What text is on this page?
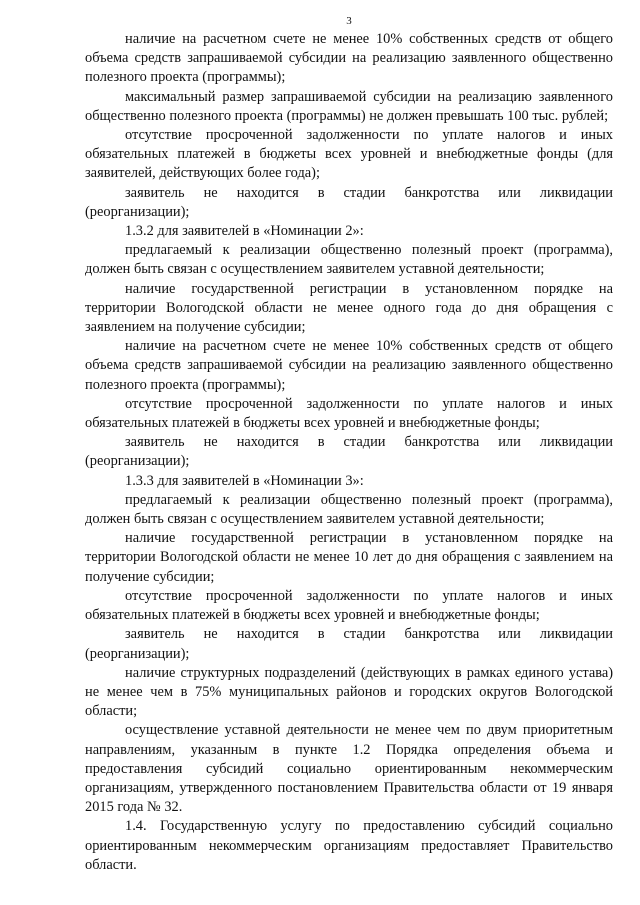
3

наличие на расчетном счете не менее 10% собственных средств от общего объема средств запрашиваемой субсидии на реализацию заявленного общественно полезного проекта (программы);

максимальный размер запрашиваемой субсидии на реализацию заявленного общественно полезного проекта (программы) не должен превышать 100 тыс. рублей;

отсутствие просроченной задолженности по уплате налогов и иных обязательных платежей в бюджеты всех уровней и внебюджетные фонды (для заявителей, действующих более года);

заявитель не находится в стадии банкротства или ликвидации (реорганизации);

1.3.2 для заявителей в «Номинации 2»:

предлагаемый к реализации общественно полезный проект (программа), должен быть связан с осуществлением заявителем уставной деятельности;

наличие государственной регистрации в установленном порядке на территории Вологодской области не менее одного года до дня обращения с заявлением на получение субсидии;

наличие на расчетном счете не менее 10% собственных средств от общего объема средств запрашиваемой субсидии на реализацию заявленного общественно полезного проекта (программы);

отсутствие просроченной задолженности по уплате налогов и иных обязательных платежей в бюджеты всех уровней и внебюджетные фонды;

заявитель не находится в стадии банкротства или ликвидации (реорганизации);

1.3.3 для заявителей в «Номинации 3»:

предлагаемый к реализации общественно полезный проект (программа), должен быть связан с осуществлением заявителем уставной деятельности;

наличие государственной регистрации в установленном порядке на территории Вологодской области не менее 10 лет до дня обращения с заявлением на получение субсидии;

отсутствие просроченной задолженности по уплате налогов и иных обязательных платежей в бюджеты всех уровней и внебюджетные фонды;

заявитель не находится в стадии банкротства или ликвидации (реорганизации);

наличие структурных подразделений (действующих в рамках единого устава) не менее чем в 75% муниципальных районов и городских округов Вологодской области;

осуществление уставной деятельности не менее чем по двум приоритетным направлениям, указанным в пункте 1.2 Порядка определения объема и предоставления субсидий социально ориентированным некоммерческим организациям, утвержденного постановлением Правительства области от 19 января 2015 года № 32.

1.4. Государственную услугу по предоставлению субсидий социально ориентированным некоммерческим организациям предоставляет Правительство области.
